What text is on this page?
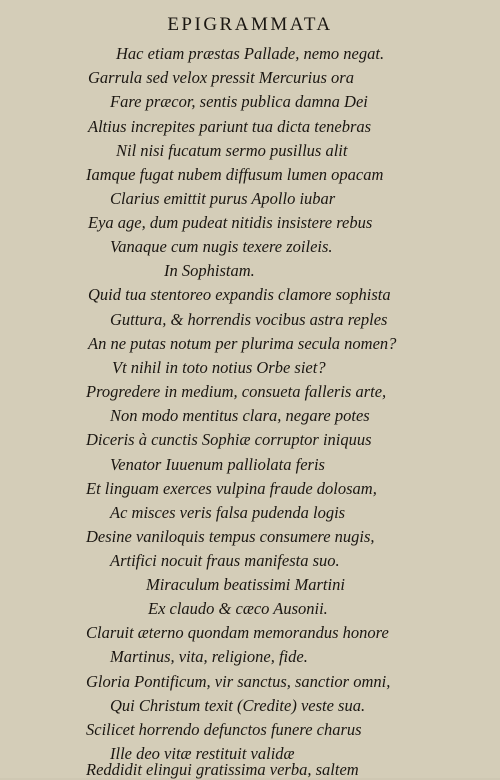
EPIGRAMMATA
Hac etiam præstas Pallade, nemo negat.
Garrula sed velox pressit Mercurius ora
Fare præcor, sentis publica damna Dei
Altius increpites pariunt tua dicta tenebras
Nil nisi fucatum sermo pusillus alit
Iamque fugat nubem diffusum lumen opacam
Clarius emittit purus Apollo iubar
Eya age, dum pudeat nitidis insistere rebus
Vanaque cum nugis texere zoileis.
In Sophistam.
Quid tua stentoreo expandis clamore sophista
Guttura, & horrendis vocibus astra reples
An ne putas notum per plurima secula nomen?
Vt nihil in toto notius Orbe siet?
Progredere in medium, consueta falleris arte,
Non modo mentitus clara, negare potes
Diceris à cunctis Sophiæ corruptor iniquus
Venator Iuuenum palliolata feris
Et linguam exerces vulpina fraude dolosam,
Ac misces veris falsa pudenda logis
Desine vaniloquis tempus consumere nugis,
Artifici nocuit fraus manifesta suo.
Miraculum beatissimi Martini
Ex claudo & cæco Ausonii.
Claruit æterno quondam memorandus honore
Martinus, vita, religione, fide.
Gloria Pontificum, vir sanctus, sanctior omni,
Qui Christum texit (Credite) veste sua.
Scilicet horrendo defunctos funere charus
Ille deo vitæ restituit validæ
Reddidit elingui gratissima verba, saltem
